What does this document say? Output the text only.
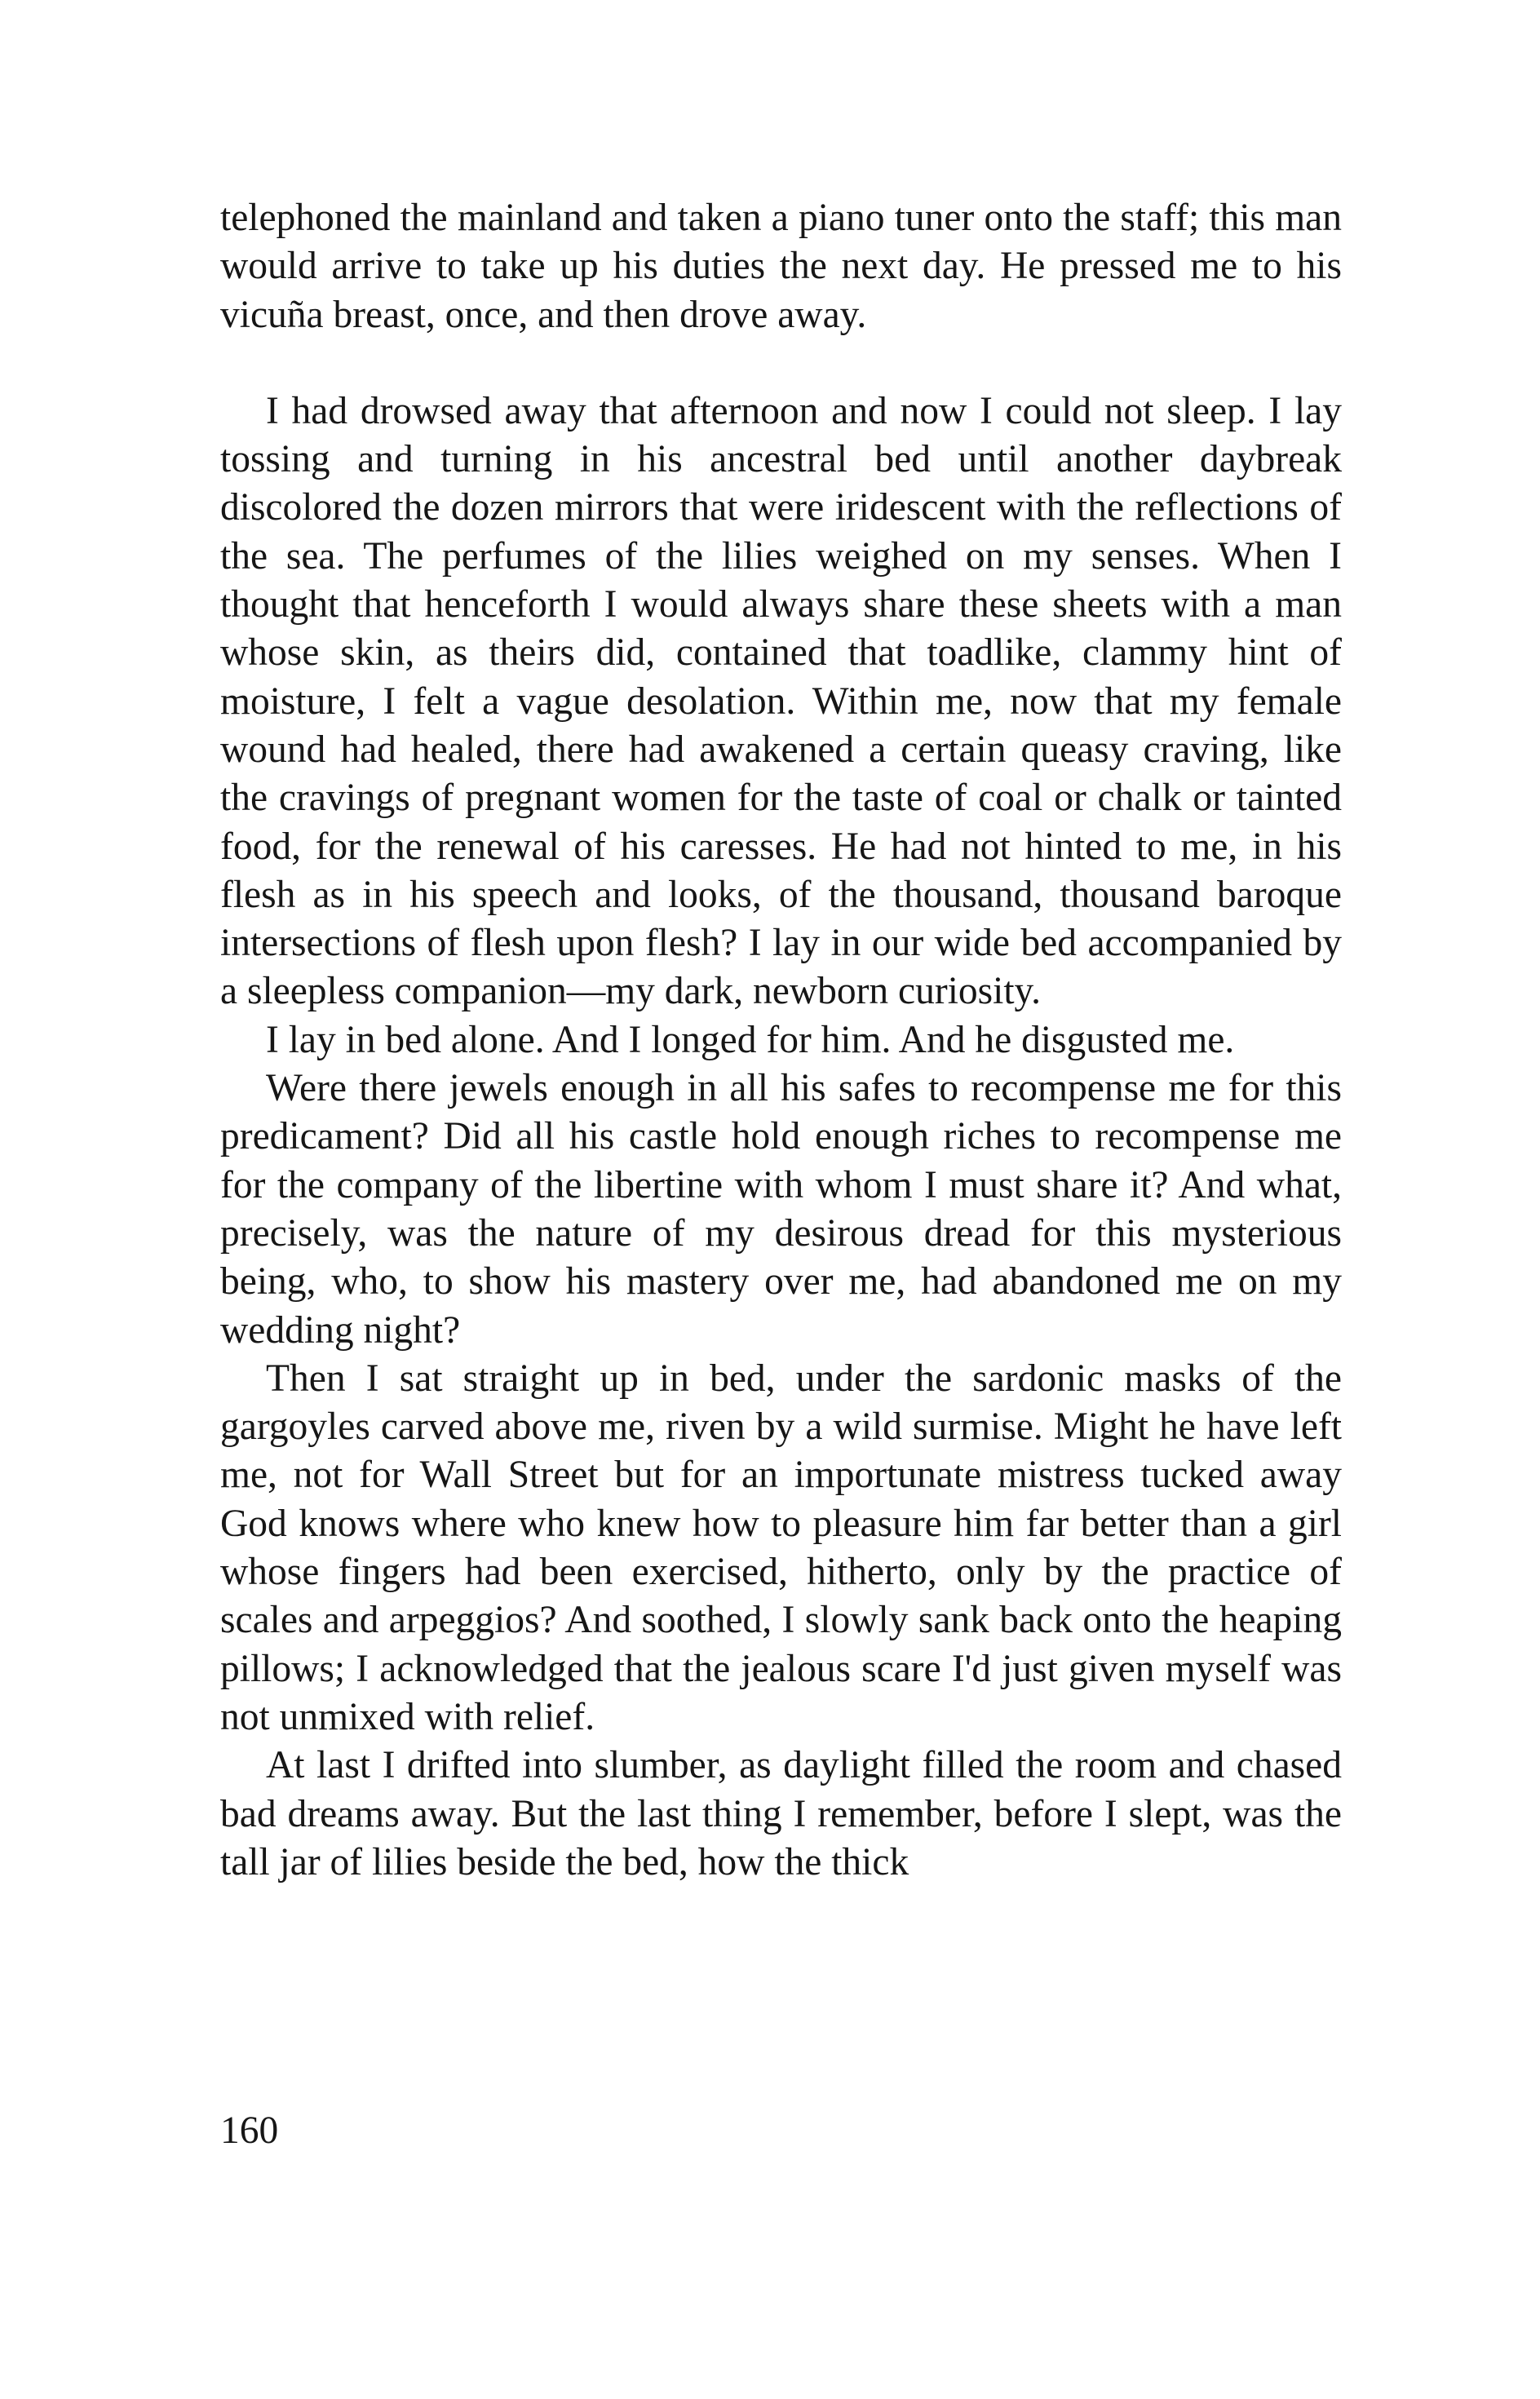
telephoned the mainland and taken a piano tuner onto the staff; this man would arrive to take up his duties the next day. He pressed me to his vicuña breast, once, and then drove away.

I had drowsed away that afternoon and now I could not sleep. I lay tossing and turning in his ancestral bed until another daybreak discolored the dozen mirrors that were iridescent with the reflections of the sea. The perfumes of the lilies weighed on my senses. When I thought that henceforth I would always share these sheets with a man whose skin, as theirs did, contained that toadlike, clammy hint of moisture, I felt a vague desolation. Within me, now that my female wound had healed, there had awakened a certain queasy craving, like the cravings of pregnant women for the taste of coal or chalk or tainted food, for the renewal of his caresses. He had not hinted to me, in his flesh as in his speech and looks, of the thousand, thousand baroque intersections of flesh upon flesh? I lay in our wide bed accompanied by a sleepless companion—my dark, newborn curiosity.

I lay in bed alone. And I longed for him. And he disgusted me.

Were there jewels enough in all his safes to recompense me for this predicament? Did all his castle hold enough riches to recompense me for the company of the libertine with whom I must share it? And what, precisely, was the nature of my desirous dread for this mysterious being, who, to show his mastery over me, had abandoned me on my wedding night?

Then I sat straight up in bed, under the sardonic masks of the gargoyles carved above me, riven by a wild surmise. Might he have left me, not for Wall Street but for an importunate mistress tucked away God knows where who knew how to pleasure him far better than a girl whose fingers had been exercised, hitherto, only by the practice of scales and arpeggios? And soothed, I slowly sank back onto the heaping pillows; I acknowledged that the jealous scare I'd just given myself was not unmixed with relief.

At last I drifted into slumber, as daylight filled the room and chased bad dreams away. But the last thing I remember, before I slept, was the tall jar of lilies beside the bed, how the thick

160
